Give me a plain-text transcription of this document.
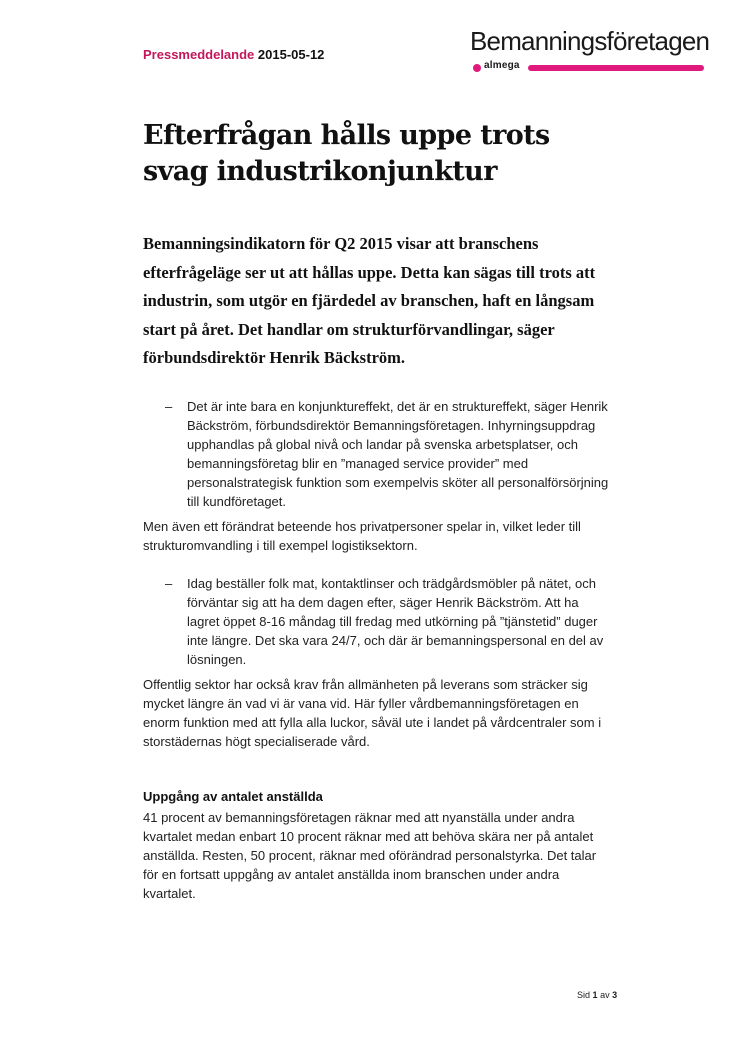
Pressmeddelande 2015-05-12	Bemanningsföretagen
almega
Efterfrågan hålls uppe trots svag industrikonjunktur

Bemanningsindikatorn för Q2 2015 visar att branschens efterfrågeläge ser ut att hållas uppe. Detta kan sägas till trots att industrin, som utgör en fjärdedel av branschen, haft en långsam start på året. Det handlar om strukturförvandlingar, säger förbundsdirektör Henrik Bäckström.

– Det är inte bara en konjunktureffekt, det är en struktureffekt, säger Henrik Bäckström, förbundsdirektör Bemanningsföretagen. Inhyrningsuppdrag upphandlas på global nivå och landar på svenska arbetsplatser, och bemanningsföretag blir en ”managed service provider” med personalstrategisk funktion som exempelvis sköter all personalförsörjning till kundföretaget.

Men även ett förändrat beteende hos privatpersoner spelar in, vilket leder till strukturomvandling i till exempel logistiksektorn.

– Idag beställer folk mat, kontaktlinser och trädgårdsmöbler på nätet, och förväntar sig att ha dem dagen efter, säger Henrik Bäckström. Att ha lagret öppet 8-16 måndag till fredag med utkörning på ”tjänstetid” duger inte längre. Det ska vara 24/7, och där är bemanningspersonal en del av lösningen.

Offentlig sektor har också krav från allmänheten på leverans som sträcker sig mycket längre än vad vi är vana vid. Här fyller vårdbemanningsföretagen en enorm funktion med att fylla alla luckor, såväl ute i landet på vårdcentraler som i storstädernas högt specialiserade vård.

Uppgång av antalet anställda

41 procent av bemanningsföretagen räknar med att nyanställa under andra kvartalet medan enbart 10 procent räknar med att behöva skära ner på antalet anställda. Resten, 50 procent, räknar med oförändrad personalstyrka. Det talar för en fortsatt uppgång av antalet anställda inom branschen under andra kvartalet.

Sid 1 av 3
